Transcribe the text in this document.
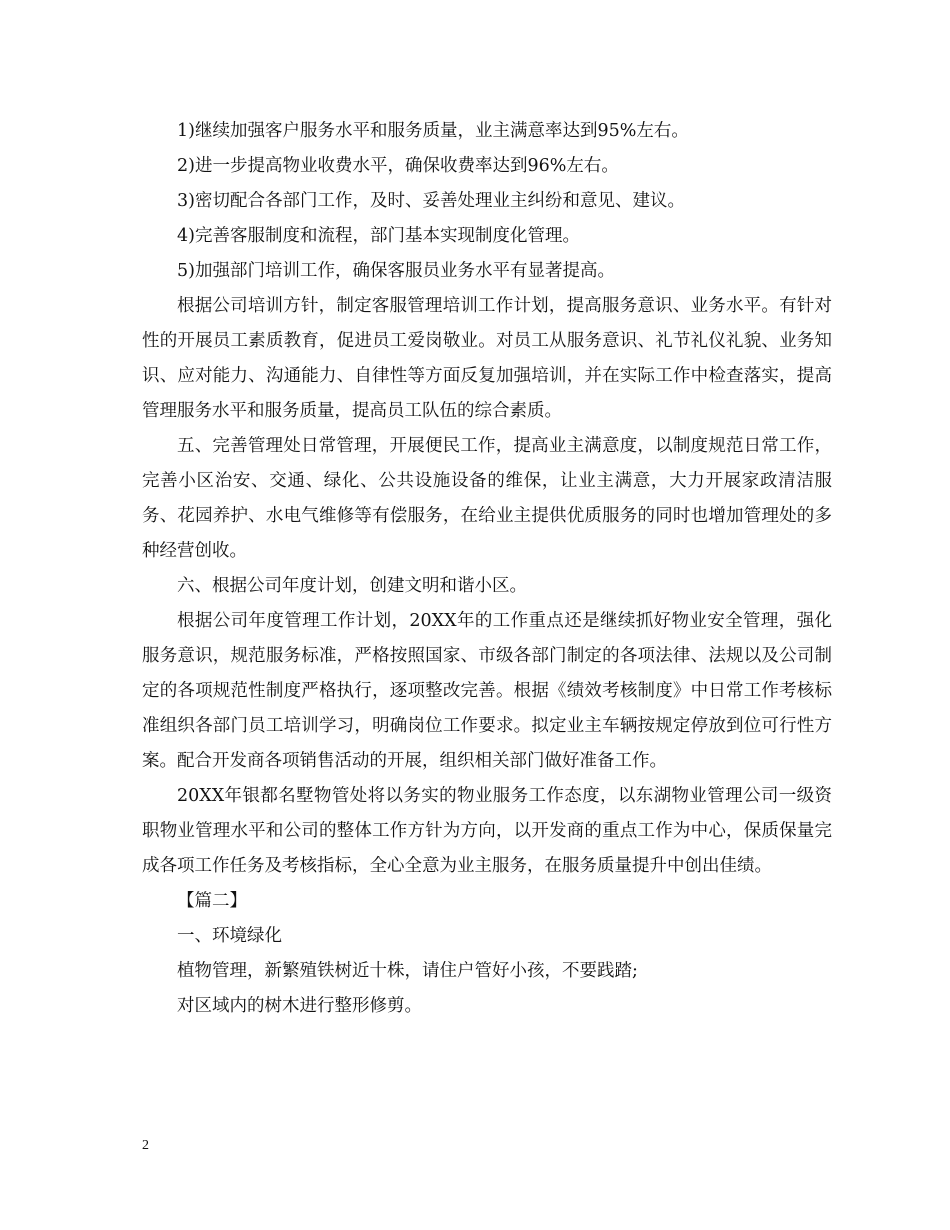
1)继续加强客户服务水平和服务质量，业主满意率达到95%左右。

2)进一步提高物业收费水平，确保收费率达到96%左右。

3)密切配合各部门工作，及时、妥善处理业主纠纷和意见、建议。

4)完善客服制度和流程，部门基本实现制度化管理。

5)加强部门培训工作，确保客服员业务水平有显著提高。

根据公司培训方针，制定客服管理培训工作计划，提高服务意识、业务水平。有针对性的开展员工素质教育，促进员工爱岗敬业。对员工从服务意识、礼节礼仪礼貌、业务知识、应对能力、沟通能力、自律性等方面反复加强培训，并在实际工作中检查落实，提高管理服务水平和服务质量，提高员工队伍的综合素质。

五、完善管理处日常管理，开展便民工作，提高业主满意度，以制度规范日常工作，完善小区治安、交通、绿化、公共设施设备的维保，让业主满意，大力开展家政清洁服务、花园养护、水电气维修等有偿服务，在给业主提供优质服务的同时也增加管理处的多种经营创收。

六、根据公司年度计划，创建文明和谐小区。

根据公司年度管理工作计划，20XX年的工作重点还是继续抓好物业安全管理，强化服务意识，规范服务标准，严格按照国家、市级各部门制定的各项法律、法规以及公司制定的各项规范性制度严格执行，逐项整改完善。根据《绩效考核制度》中日常工作考核标准组织各部门员工培训学习，明确岗位工作要求。拟定业主车辆按规定停放到位可行性方案。配合开发商各项销售活动的开展，组织相关部门做好准备工作。

20XX年银都名墅物管处将以务实的物业服务工作态度，以东湖物业管理公司一级资职物业管理水平和公司的整体工作方针为方向，以开发商的重点工作为中心，保质保量完成各项工作任务及考核指标，全心全意为业主服务，在服务质量提升中创出佳绩。

【篇二】

一、环境绿化

植物管理，新繁殖铁树近十株，请住户管好小孩，不要践踏;

对区域内的树木进行整形修剪。

2
